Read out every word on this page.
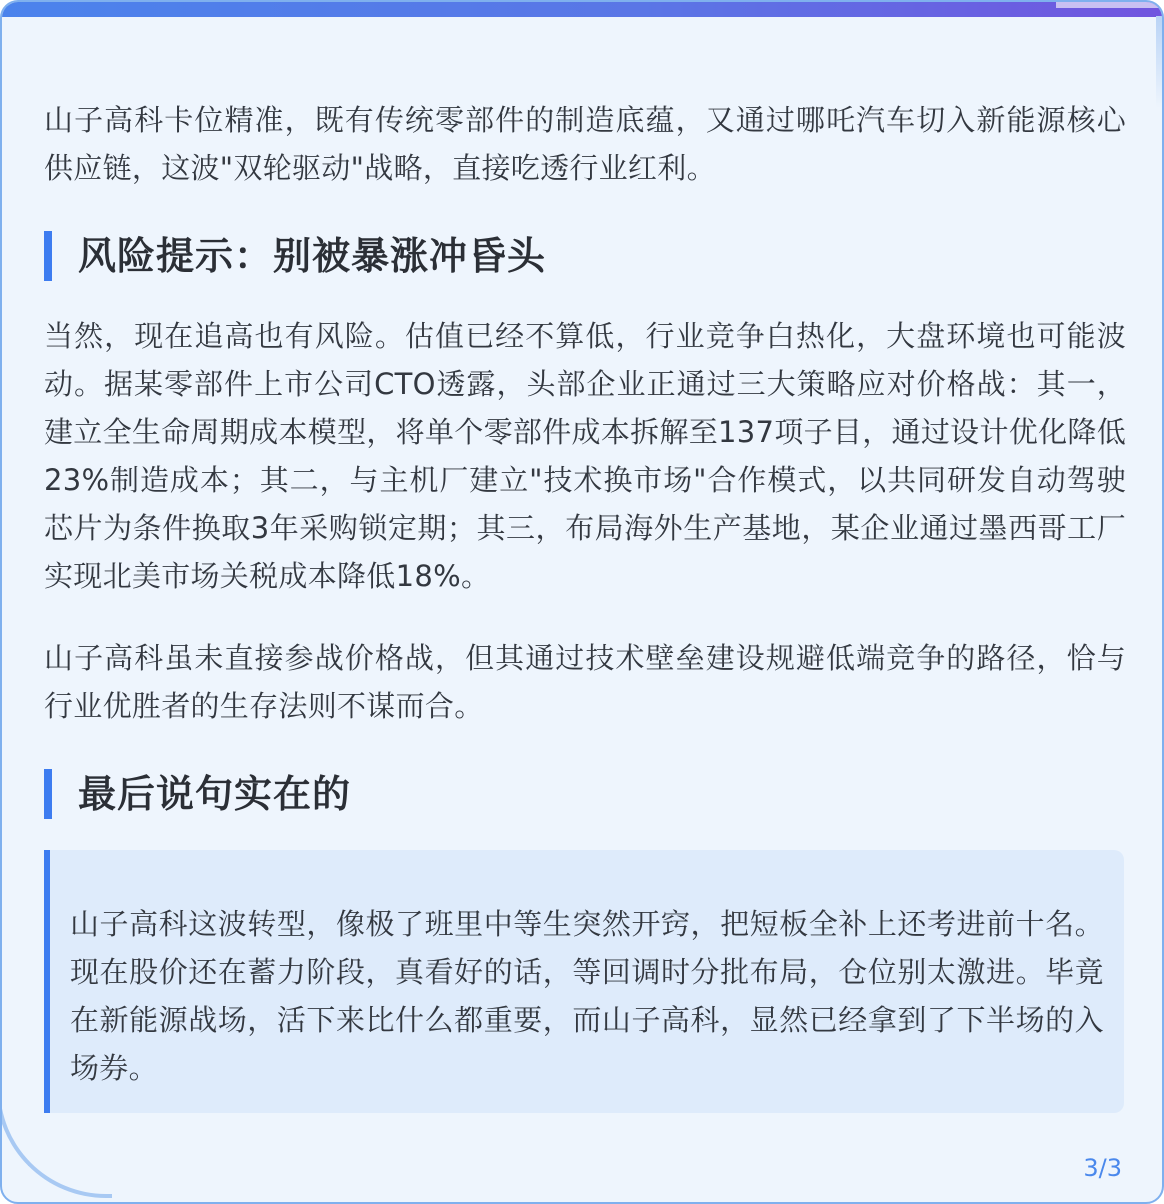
山子高科卡位精准，既有传统零部件的制造底蕴，又通过哪吒汽车切入新能源核心供应链，这波"双轮驱动"战略，直接吃透行业红利。

风险提示：别被暴涨冲昏头

当然，现在追高也有风险。估值已经不算低，行业竞争白热化，大盘环境也可能波动。据某零部件上市公司CTO透露，头部企业正通过三大策略应对价格战：其一，建立全生命周期成本模型，将单个零部件成本拆解至137项子目，通过设计优化降低23%制造成本；其二，与主机厂建立"技术换市场"合作模式，以共同研发自动驾驶芯片为条件换取3年采购锁定期；其三，布局海外生产基地，某企业通过墨西哥工厂实现北美市场关税成本降低18%。

山子高科虽未直接参战价格战，但其通过技术壁垒建设规避低端竞争的路径，恰与行业优胜者的生存法则不谋而合。

最后说句实在的

山子高科这波转型，像极了班里中等生突然开窍，把短板全补上还考进前十名。现在股价还在蓄力阶段，真看好的话，等回调时分批布局，仓位别太激进。毕竟在新能源战场，活下来比什么都重要，而山子高科，显然已经拿到了下半场的入场券。

3/3
